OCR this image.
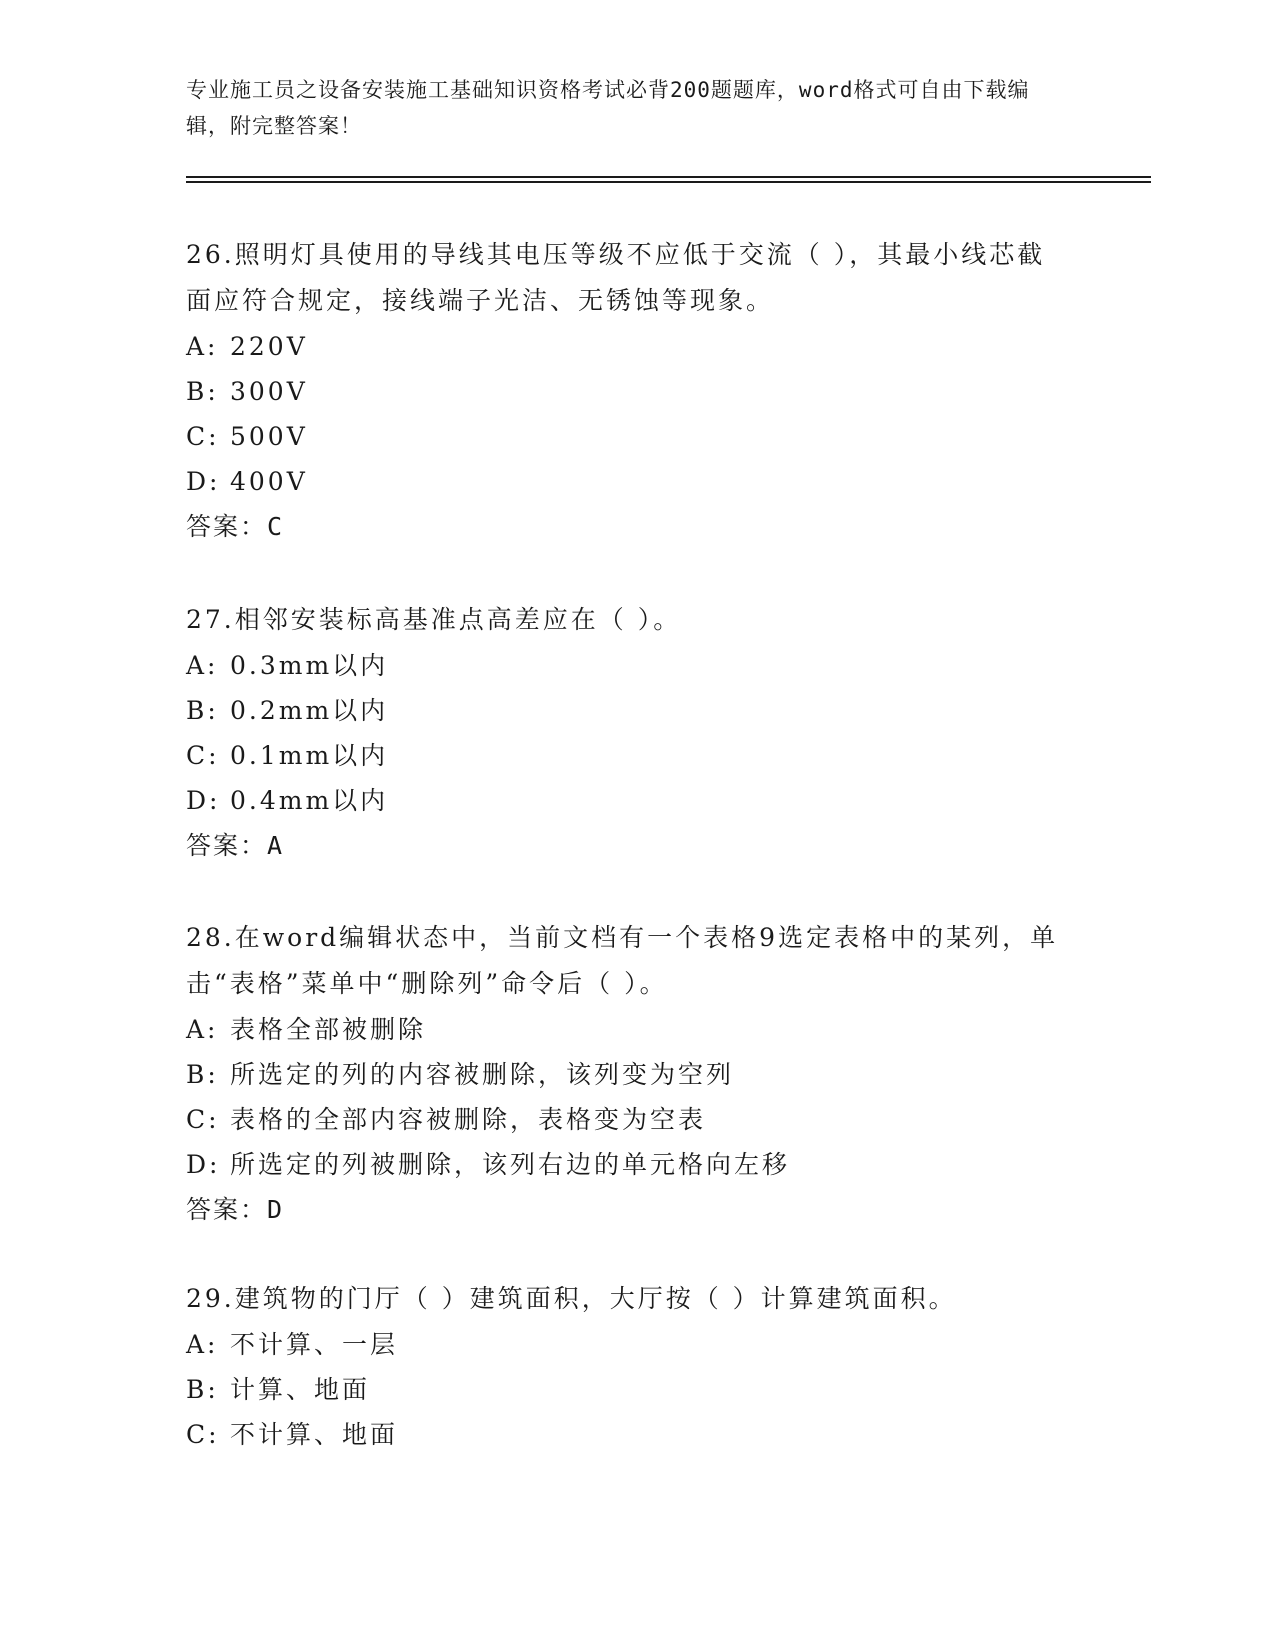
专业施工员之设备安装施工基础知识资格考试必背200题题库，word格式可自由下载编辑，附完整答案！

26.照明灯具使用的导线其电压等级不应低于交流（ ），其最小线芯截面应符合规定，接线端子光洁、无锈蚀等现象。

A: 220V

B: 300V

C: 500V

D: 400V

答案：C

27.相邻安装标高基准点高差应在（ ）。

A: 0.3mm以内

B: 0.2mm以内

C: 0.1mm以内

D: 0.4mm以内

答案：A

28.在word编辑状态中，当前文档有一个表格9选定表格中的某列，单击“表格”菜单中“删除列”命令后（ ）。

A: 表格全部被删除

B: 所选定的列的内容被删除，该列变为空列

C: 表格的全部内容被删除，表格变为空表

D: 所选定的列被删除，该列右边的单元格向左移

答案：D

29.建筑物的门厅（ ）建筑面积，大厅按（ ）计算建筑面积。

A: 不计算、一层

B: 计算、地面

C: 不计算、地面
